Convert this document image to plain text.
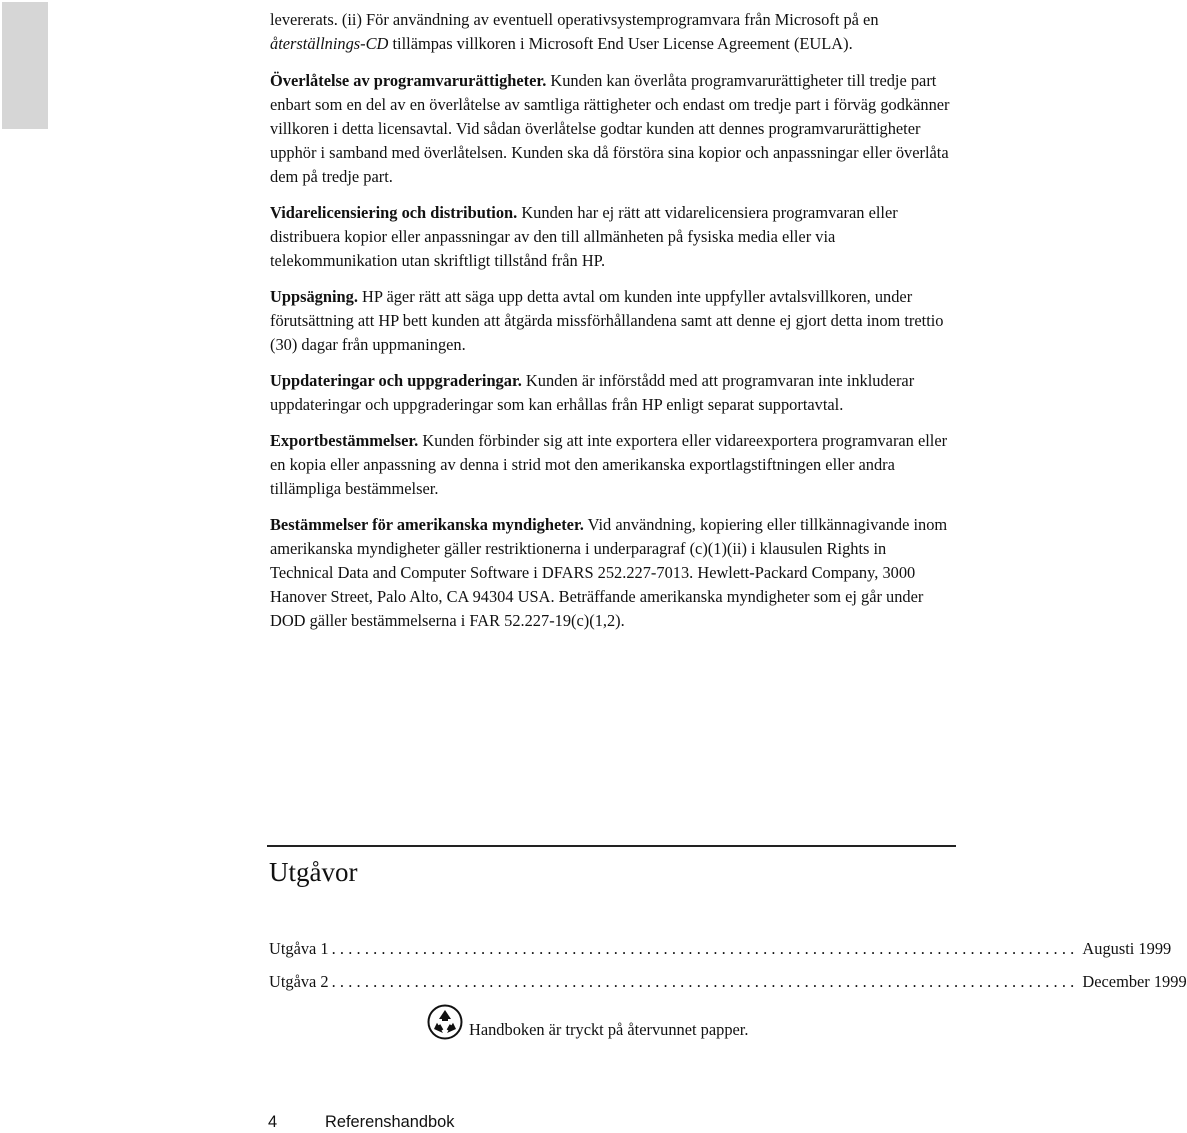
levererats. (ii) För användning av eventuell operativsystemprogramvara från Microsoft på en återställnings-CD tillämpas villkoren i Microsoft End User License Agreement (EULA).

Överlåtelse av programvarurättigheter. Kunden kan överlåta programvarurättigheter till tredje part enbart som en del av en överlåtelse av samtliga rättigheter och endast om tredje part i förväg godkänner villkoren i detta licensavtal. Vid sådan överlåtelse godtar kunden att dennes programvarurättigheter upphör i samband med överlåtelsen. Kunden ska då förstöra sina kopior och anpassningar eller överlåta dem på tredje part.

Vidarelicensiering och distribution. Kunden har ej rätt att vidarelicensiera programvaran eller distribuera kopior eller anpassningar av den till allmänheten på fysiska media eller via telekommunikation utan skriftligt tillstånd från HP.

Uppsägning. HP äger rätt att säga upp detta avtal om kunden inte uppfyller avtalsvillkoren, under förutsättning att HP bett kunden att åtgärda missförhållandena samt att denne ej gjort detta inom trettio (30) dagar från uppmaningen.

Uppdateringar och uppgraderingar. Kunden är införstådd med att programvaran inte inkluderar uppdateringar och uppgraderingar som kan erhållas från HP enligt separat supportavtal.

Exportbestämmelser. Kunden förbinder sig att inte exportera eller vidareexportera programvaran eller en kopia eller anpassning av denna i strid mot den amerikanska exportlagstiftningen eller andra tillämpliga bestämmelser.

Bestämmelser för amerikanska myndigheter. Vid användning, kopiering eller tillkännagivande inom amerikanska myndigheter gäller restriktionerna i underparagraf (c)(1)(ii) i klausulen Rights in Technical Data and Computer Software i DFARS 252.227-7013. Hewlett-Packard Company, 3000 Hanover Street, Palo Alto, CA 94304 USA. Beträffande amerikanska myndigheter som ej går under DOD gäller bestämmelserna i FAR 52.227-19(c)(1,2).

Utgåvor
Utgåva 1 .......................................................................................... Augusti 1999
Utgåva 2 .......................................................................................... December 1999
Handboken är tryckt på återvunnet papper.
4	Referenshandbok
